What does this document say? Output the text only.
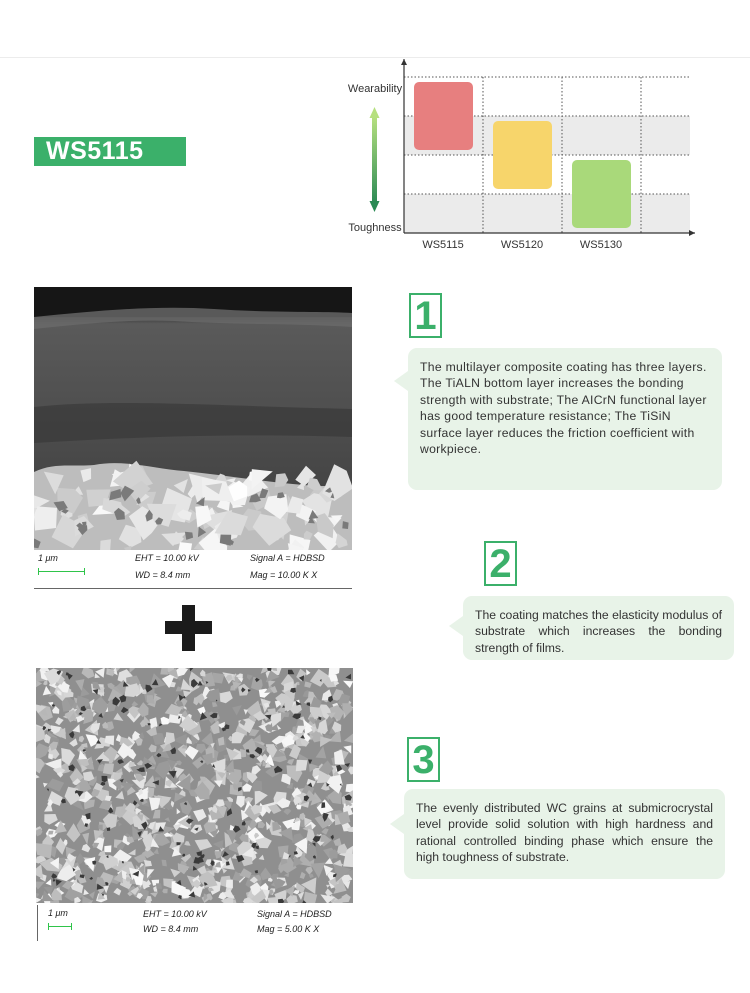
WS5115
WS5115	WS5120	WS5130
Wearability
Toughness
1 μm	EHT = 10.00 kV
WD = 8.4 mm
Signal A = HDBSD
Mag = 10.00 K X
1 μm	EHT = 10.00 kV
WD = 8.4 mm
Signal A = HDBSD
Mag = 5.00 K X
1

The multilayer composite coating has three layers.

The TiALN bottom layer increases the bonding strength with substrate; The AICrN functional layer has good temperature resistance; The TiSiN surface layer reduces the friction coefficient with workpiece.

2

The coating matches the elasticity modulus of substrate which increases the bonding strength of films.

3

The evenly distributed WC grains at submicrocrystal level provide solid solution with high hardness and rational controlled binding phase which ensure the high toughness of substrate.
